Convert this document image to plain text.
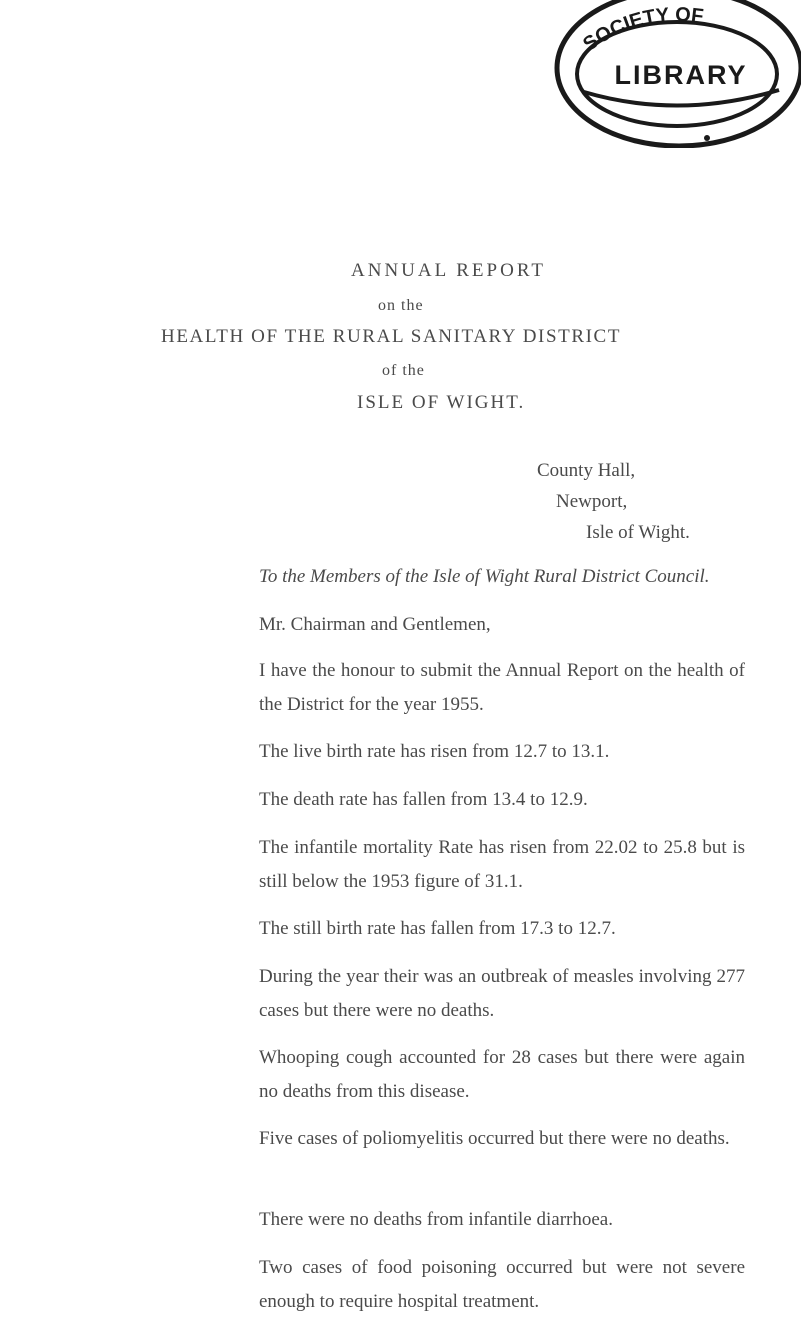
SOCIETY OF
LIBRARY
ANNUAL REPORT
on the
HEALTH OF THE RURAL SANITARY DISTRICT
of the
ISLE OF WIGHT.
County Hall,
Newport,
Isle of Wight.
To the Members of the Isle of Wight Rural District Council.

Mr. Chairman and Gentlemen,

I have the honour to submit the Annual Report on the health of the District for the year 1955.

The live birth rate has risen from 12.7 to 13.1.

The death rate has fallen from 13.4 to 12.9.

The infantile mortality Rate has risen from 22.02 to 25.8 but is still below the 1953 figure of 31.1.

The still birth rate has fallen from 17.3 to 12.7.

During the year their was an outbreak of measles involving 277 cases but there were no deaths.

Whooping cough accounted for 28 cases but there were again no deaths from this disease.

Five cases of poliomyelitis occurred but there were no deaths.

There were no deaths from infantile diarrhoea.

Two cases of food poisoning occurred but were not severe enough to require hospital treatment.
